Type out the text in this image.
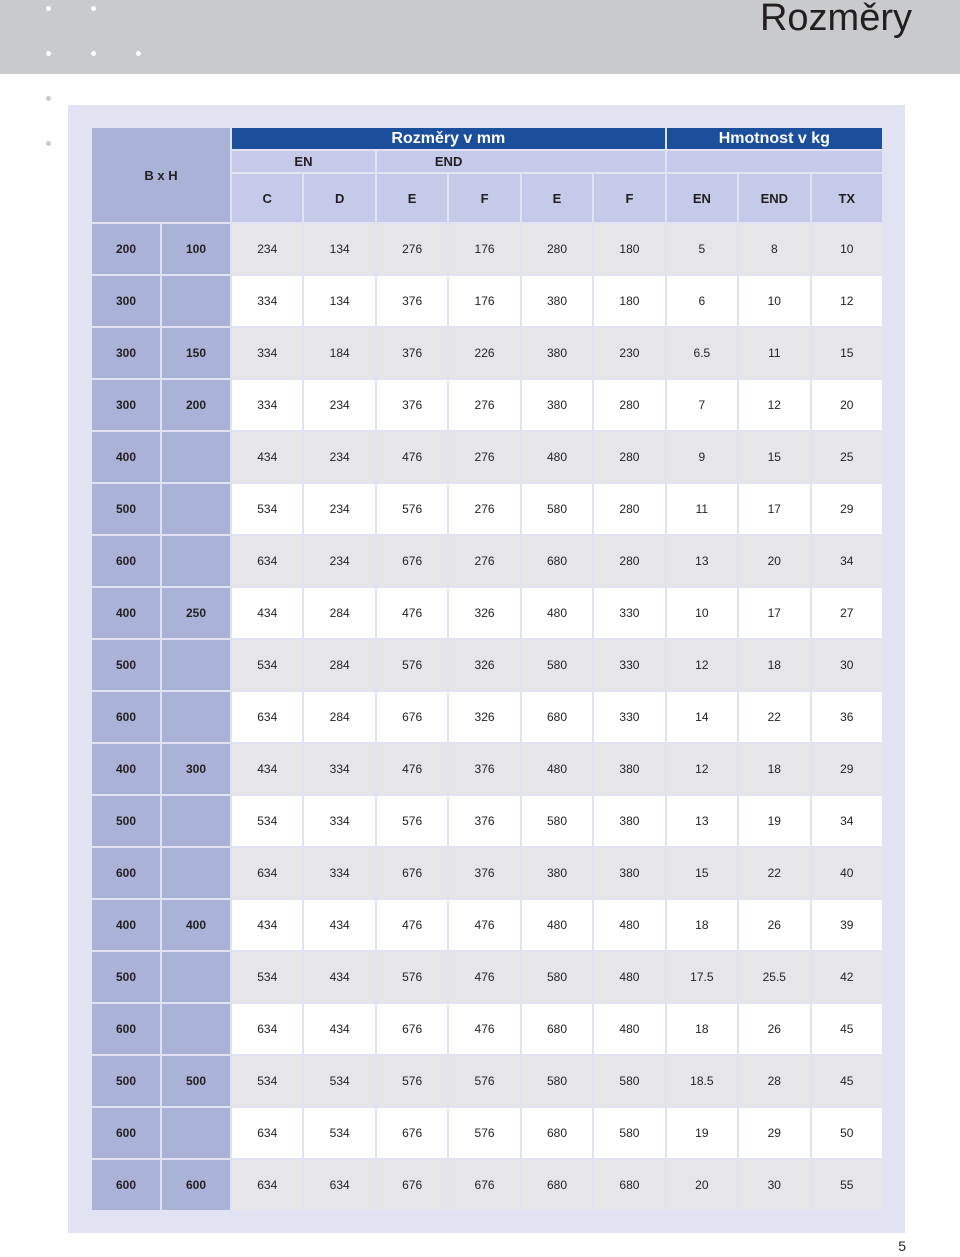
Rozměry
B x H		Rozměry v mm						Hmotnost v kg		
		EN		END						
		C	D	E	F	E	F	EN	END	TX
200	100	234	134	276	176	280	180	5	8	10
300		334	134	376	176	380	180	6	10	12
300	150	334	184	376	226	380	230	6.5	11	15
300	200	334	234	376	276	380	280	7	12	20
400		434	234	476	276	480	280	9	15	25
500		534	234	576	276	580	280	11	17	29
600		634	234	676	276	680	280	13	20	34
400	250	434	284	476	326	480	330	10	17	27
500		534	284	576	326	580	330	12	18	30
600		634	284	676	326	680	330	14	22	36
400	300	434	334	476	376	480	380	12	18	29
500		534	334	576	376	580	380	13	19	34
600		634	334	676	376	380	380	15	22	40
400	400	434	434	476	476	480	480	18	26	39
500		534	434	576	476	580	480	17.5	25.5	42
600		634	434	676	476	680	480	18	26	45
500	500	534	534	576	576	580	580	18.5	28	45
600		634	534	676	576	680	580	19	29	50
600	600	634	634	676	676	680	680	20	30	55
5
